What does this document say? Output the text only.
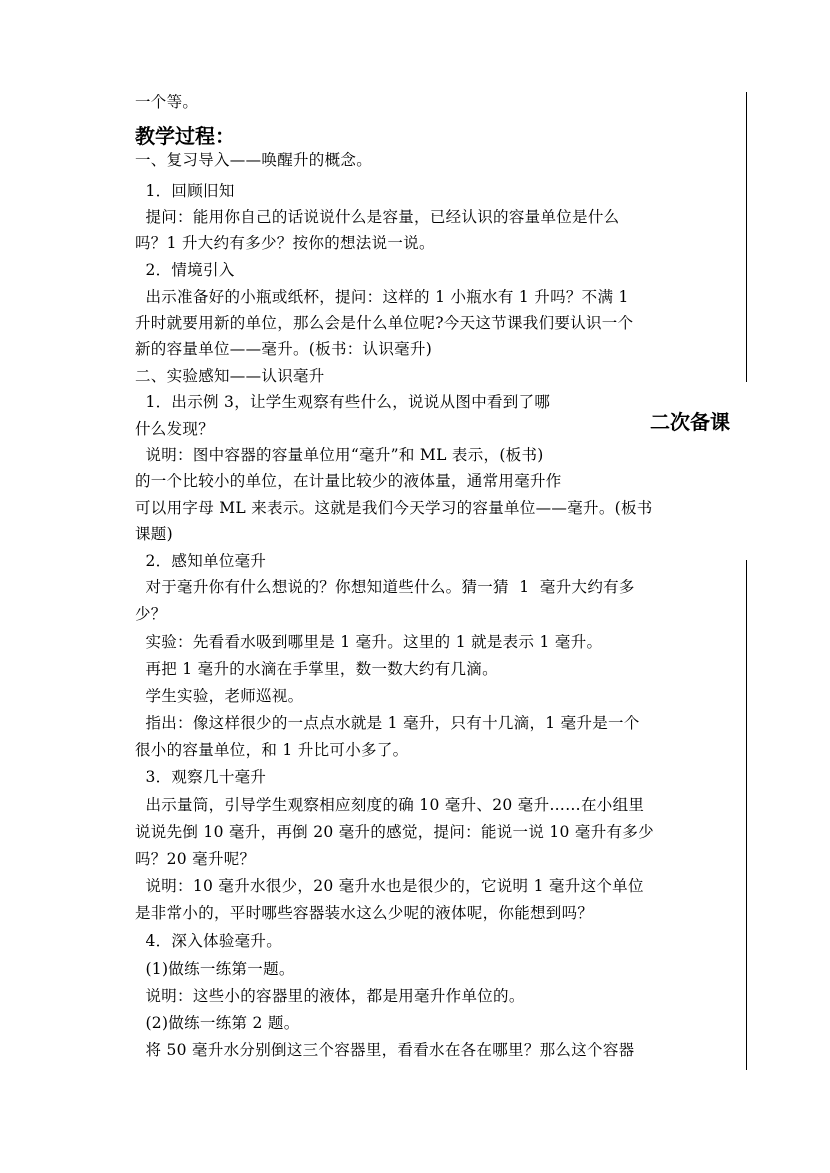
一个等。
教学过程：
一、复习导入——唤醒升的概念。
1．回顾旧知
提问：能用你自己的话说说什么是容量，已经认识的容量单位是什么
吗？1 升大约有多少？按你的想法说一说。
2．情境引入
出示准备好的小瓶或纸杯，提问：这样的 1 小瓶水有 1 升吗？不满 1
升时就要用新的单位，那么会是什么单位呢?今天这节课我们要认识一个
新的容量单位——毫升。(板书：认识毫升)
二、实验感知——认识毫升
1．出示例 3，让学生观察有些什么，说说从图中看到了哪
什么发现？
说明：图中容器的容量单位用“毫升”和 ML 表示，(板书)
的一个比较小的单位，在计量比较少的液体量，通常用毫升作
可以用字母 ML 来表示。这就是我们今天学习的容量单位——毫升。(板书
二次备课
课题)
2．感知单位毫升
对于毫升你有什么想说的？你想知道些什么。猜一猜  1  毫升大约有多
少？
实验：先看看水吸到哪里是 1 毫升。这里的 1 就是表示 1 毫升。
再把 1 毫升的水滴在手掌里，数一数大约有几滴。
学生实验，老师巡视。
指出：像这样很少的一点点水就是 1 毫升，只有十几滴，1 毫升是一个
很小的容量单位，和 1 升比可小多了。
3．观察几十毫升
出示量筒，引导学生观察相应刻度的确 10 毫升、20 毫升……在小组里
说说先倒 10 毫升，再倒 20 毫升的感觉，提问：能说一说 10 毫升有多少
吗？20 毫升呢？
说明：10 毫升水很少，20 毫升水也是很少的，它说明 1 毫升这个单位
是非常小的，平时哪些容器装水这么少呢的液体呢，你能想到吗？
4．深入体验毫升。
(1)做练一练第一题。
说明：这些小的容器里的液体，都是用毫升作单位的。
(2)做练一练第 2 题。
将 50 毫升水分别倒这三个容器里，看看水在各在哪里？那么这个容器
